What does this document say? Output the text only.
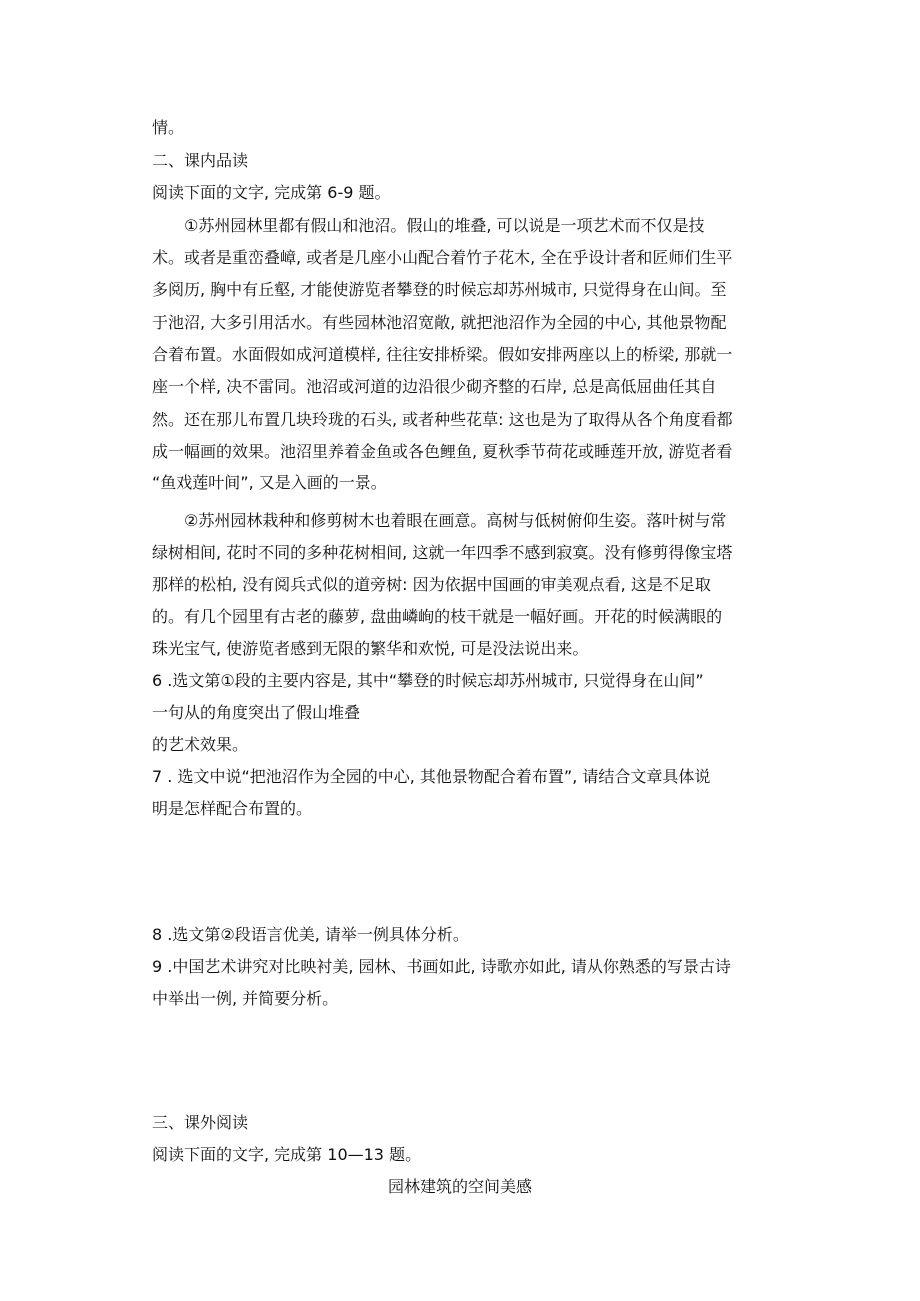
情。
二、课内品读
阅读下面的文字, 完成第 6-9 题。
①苏州园林里都有假山和池沼。假山的堆叠, 可以说是一项艺术而不仅是技
术。或者是重峦叠嶂, 或者是几座小山配合着竹子花木, 全在乎设计者和匠师们生平
多阅历, 胸中有丘壑, 才能使游览者攀登的时候忘却苏州城市, 只觉得身在山间。至
于池沼, 大多引用活水。有些园林池沼宽敞, 就把池沼作为全园的中心, 其他景物配
合着布置。水面假如成河道模样, 往往安排桥梁。假如安排两座以上的桥梁, 那就一
座一个样, 决不雷同。池沼或河道的边沿很少砌齐整的石岸, 总是高低屈曲任其自
然。还在那儿布置几块玲珑的石头, 或者种些花草: 这也是为了取得从各个角度看都
成一幅画的效果。池沼里养着金鱼或各色鲤鱼, 夏秋季节荷花或睡莲开放, 游览者看
“鱼戏莲叶间”, 又是入画的一景。
②苏州园林栽种和修剪树木也着眼在画意。高树与低树俯仰生姿。落叶树与常
绿树相间, 花时不同的多种花树相间, 这就一年四季不感到寂寞。没有修剪得像宝塔
那样的松柏, 没有阅兵式似的道旁树: 因为依据中国画的审美观点看, 这是不足取
的。有几个园里有古老的藤萝, 盘曲嶙峋的枝干就是一幅好画。开花的时候满眼的
珠光宝气, 使游览者感到无限的繁华和欢悦, 可是没法说出来。
6 .选文第①段的主要内容是, 其中“攀登的时候忘却苏州城市, 只觉得身在山间”
一句从的角度突出了假山堆叠
的艺术效果。
7 . 选文中说“把池沼作为全园的中心, 其他景物配合着布置”, 请结合文章具体说
明是怎样配合布置的。
8 .选文第②段语言优美, 请举一例具体分析。
9 .中国艺术讲究对比映衬美, 园林、书画如此, 诗歌亦如此, 请从你熟悉的写景古诗
中举出一例, 并简要分析。
三、课外阅读
阅读下面的文字, 完成第 10—13 题。
园林建筑的空间美感
